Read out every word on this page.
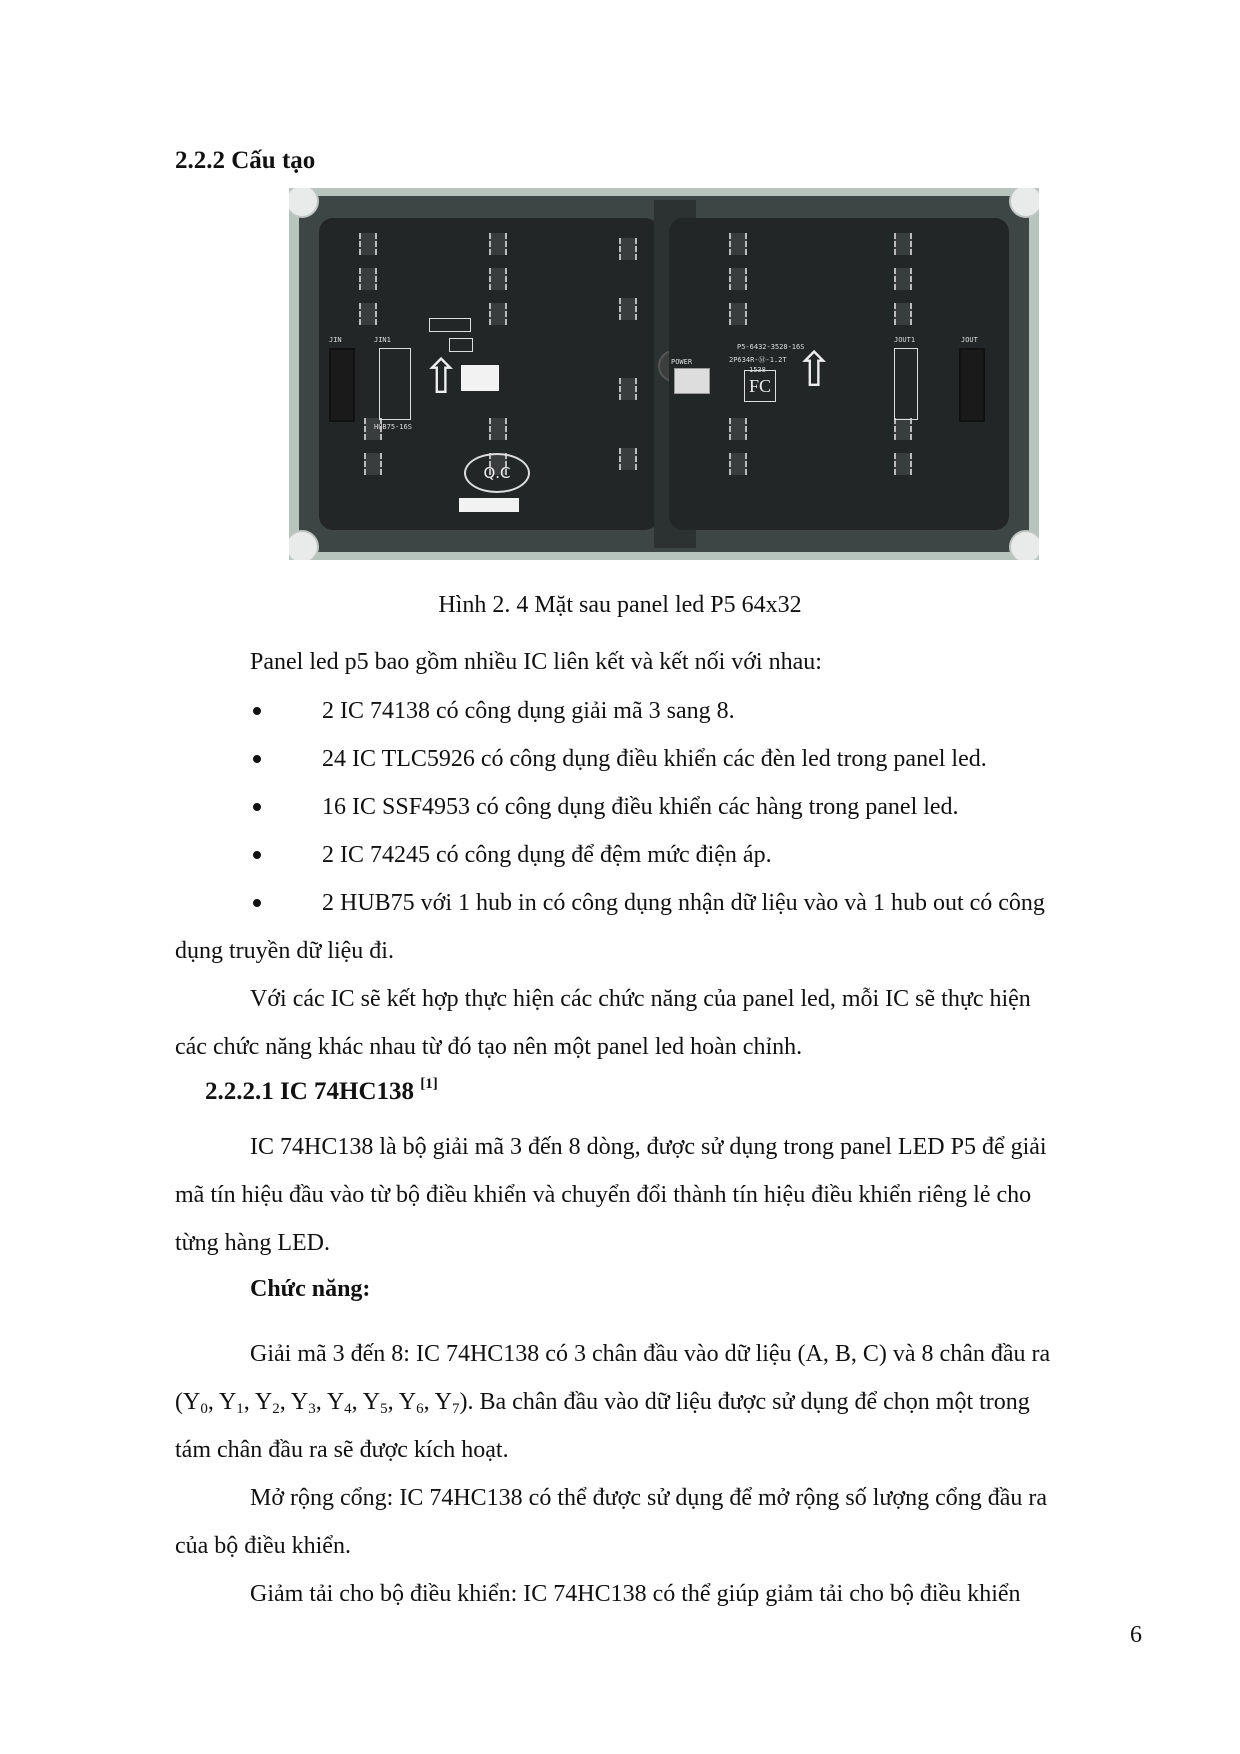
2.2.2 Cấu tạo
JIN	JIN1
HUB75-16S
⇧
Q.C
POWER
P5-6432-3528-16S
2P634R-Ⓜ-1.2T
1538
FC ⇧
JOUT1	JOUT
Hình 2. 4 Mặt sau panel led P5 64x32
Panel led p5 bao gồm nhiều IC liên kết và kết nối với nhau:
2 IC 74138 có công dụng giải mã 3 sang 8.
24 IC TLC5926 có công dụng điều khiển các đèn led trong panel led.
16 IC SSF4953 có công dụng điều khiển các hàng trong panel led.
2 IC 74245 có công dụng để đệm mức điện áp.
2 HUB75 với 1 hub in có công dụng nhận dữ liệu vào và 1 hub out có công
dụng truyền dữ liệu đi.
Với các IC sẽ kết hợp thực hiện các chức năng của panel led, mỗi IC sẽ thực hiện
các chức năng khác nhau từ đó tạo nên một panel led hoàn chỉnh.
2.2.2.1 IC 74HC138 [1]
IC 74HC138 là bộ giải mã 3 đến 8 dòng, được sử dụng trong panel LED P5 để giải
mã tín hiệu đầu vào từ bộ điều khiển và chuyển đổi thành tín hiệu điều khiển riêng lẻ cho
từng hàng LED.
Chức năng:
Giải mã 3 đến 8: IC 74HC138 có 3 chân đầu vào dữ liệu (A, B, C) và 8 chân đầu ra
($Y_0$, $Y_1$, $Y_2$, $Y_3$, $Y_4$, $Y_5$, $Y_6$, $Y_7$). Ba chân đầu vào dữ liệu được sử dụng để chọn một trong
tám chân đầu ra sẽ được kích hoạt.
Mở rộng cổng: IC 74HC138 có thể được sử dụng để mở rộng số lượng cổng đầu ra
của bộ điều khiển.
Giảm tải cho bộ điều khiển: IC 74HC138 có thể giúp giảm tải cho bộ điều khiển
6
